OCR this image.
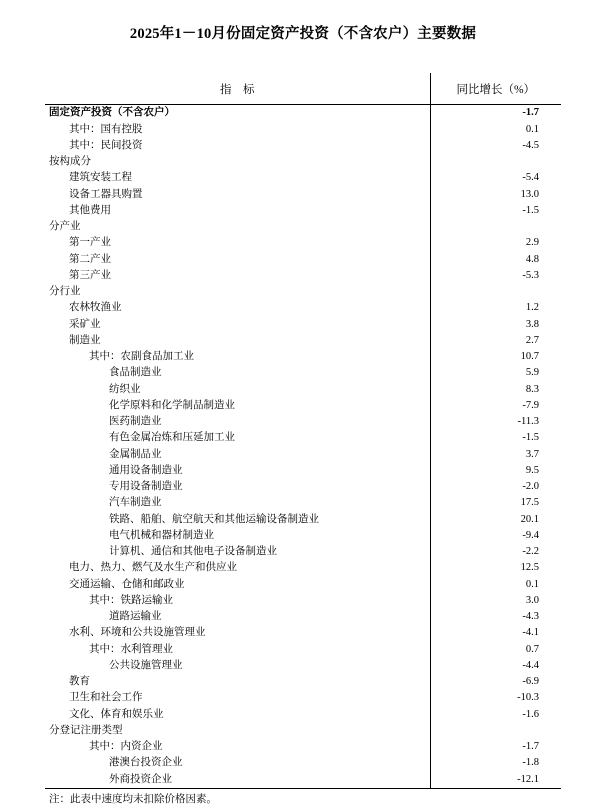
2025年1－10月份固定资产投资（不含农户）主要数据
指　标	同比增长（%）
固定资产投资（不含农户）	-1.7
其中：国有控股	0.1
其中：民间投资	-4.5
按构成分	
建筑安装工程	-5.4
设备工器具购置	13.0
其他费用	-1.5
分产业	
第一产业	2.9
第二产业	4.8
第三产业	-5.3
分行业	
农林牧渔业	1.2
采矿业	3.8
制造业	2.7
其中：农副食品加工业	10.7
食品制造业	5.9
纺织业	8.3
化学原料和化学制品制造业	-7.9
医药制造业	-11.3
有色金属冶炼和压延加工业	-1.5
金属制品业	3.7
通用设备制造业	9.5
专用设备制造业	-2.0
汽车制造业	17.5
铁路、船舶、航空航天和其他运输设备制造业	20.1
电气机械和器材制造业	-9.4
计算机、通信和其他电子设备制造业	-2.2
电力、热力、燃气及水生产和供应业	12.5
交通运输、仓储和邮政业	0.1
其中：铁路运输业	3.0
道路运输业	-4.3
水利、环境和公共设施管理业	-4.1
其中：水利管理业	0.7
公共设施管理业	-4.4
教育	-6.9
卫生和社会工作	-10.3
文化、体育和娱乐业	-1.6
分登记注册类型	
其中：内资企业	-1.7
港澳台投资企业	-1.8
外商投资企业	-12.1
注：此表中速度均未扣除价格因素。
